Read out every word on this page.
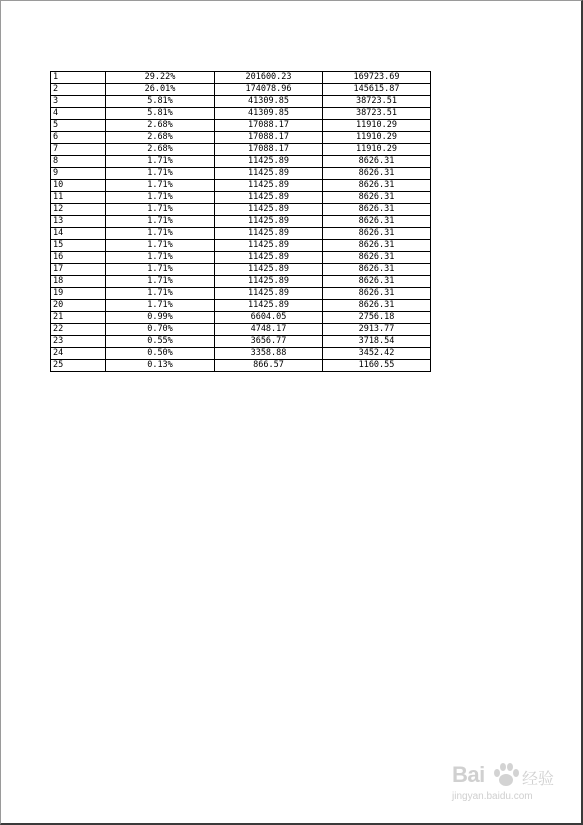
1	29.22%	201600.23	169723.69
2	26.01%	174078.96	145615.87
3	5.81%	41309.85	38723.51
4	5.81%	41309.85	38723.51
5	2.68%	17088.17	11910.29
6	2.68%	17088.17	11910.29
7	2.68%	17088.17	11910.29
8	1.71%	11425.89	8626.31
9	1.71%	11425.89	8626.31
10	1.71%	11425.89	8626.31
11	1.71%	11425.89	8626.31
12	1.71%	11425.89	8626.31
13	1.71%	11425.89	8626.31
14	1.71%	11425.89	8626.31
15	1.71%	11425.89	8626.31
16	1.71%	11425.89	8626.31
17	1.71%	11425.89	8626.31
18	1.71%	11425.89	8626.31
19	1.71%	11425.89	8626.31
20	1.71%	11425.89	8626.31
21	0.99%	6604.05	2756.18
22	0.70%	4748.17	2913.77
23	0.55%	3656.77	3718.54
24	0.50%	3358.88	3452.42
25	0.13%	866.57	1160.55
Bai 经验
jingyan.baidu.com
